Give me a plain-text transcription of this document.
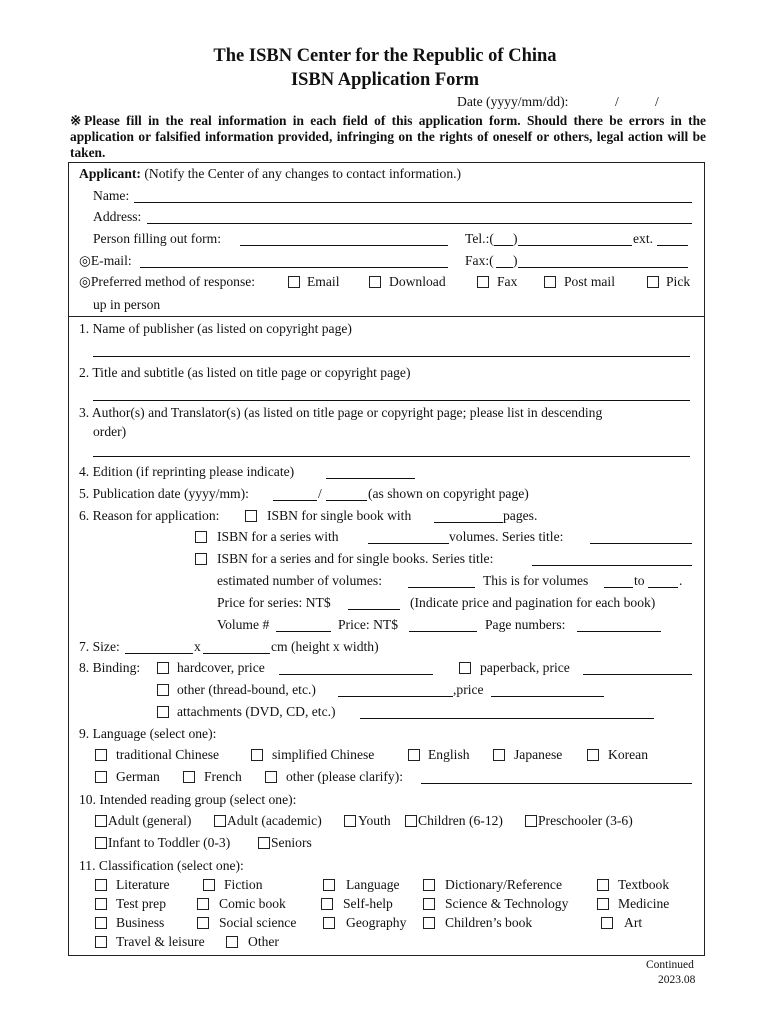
The ISBN Center for the Republic of China
ISBN Application Form
Date (yyyy/mm/dd):	/	/
※Please fill in the real information in each field of this application form. Should there be errors in the application or falsified information provided, infringing on the rights of oneself or others, legal action will be taken.
Applicant: (Notify the Center of any changes to contact information.)
Name:
Address:
Person filling out form:	Tel.:( )	ext.
◎E-mail:	Fax:( )
◎Preferred method of response:	Email	Download	Fax	Post mail	Pick
up in person
1. Name of publisher (as listed on copyright page)
2. Title and subtitle (as listed on title page or copyright page)
3. Author(s) and Translator(s) (as listed on title page or copyright page; please list in descending
order)
4. Edition (if reprinting please indicate)
5. Publication date (yyyy/mm):	/	(as shown on copyright page)
6. Reason for application:	ISBN for single book with	pages.
ISBN for a series with	volumes. Series title:
ISBN for a series and for single books. Series title:
estimated number of volumes:	This is for volumes	to	.
Price for series: NT$	(Indicate price and pagination for each book)
Volume #	Price: NT$	Page numbers:
7. Size:	x	cm (height x width)
8. Binding:	hardcover, price	paperback, price
other (thread-bound, etc.)	,price
attachments (DVD, CD, etc.)
9. Language (select one):
traditional Chinese	simplified Chinese	English	Japanese	Korean
German	French	other (please clarify):
10. Intended reading group (select one):
Adult (general)	Adult (academic)	Youth Children (6-12)	Preschooler (3-6)
Infant to Toddler (0-3)	Seniors
11. Classification (select one):
Literature	Fiction	Language	Dictionary/Reference	Textbook
Test prep	Comic book	Self-help	Science & Technology	Medicine
Business	Social science	Geography	Children’s book	Art
Travel & leisure	Other
Continued
2023.08
